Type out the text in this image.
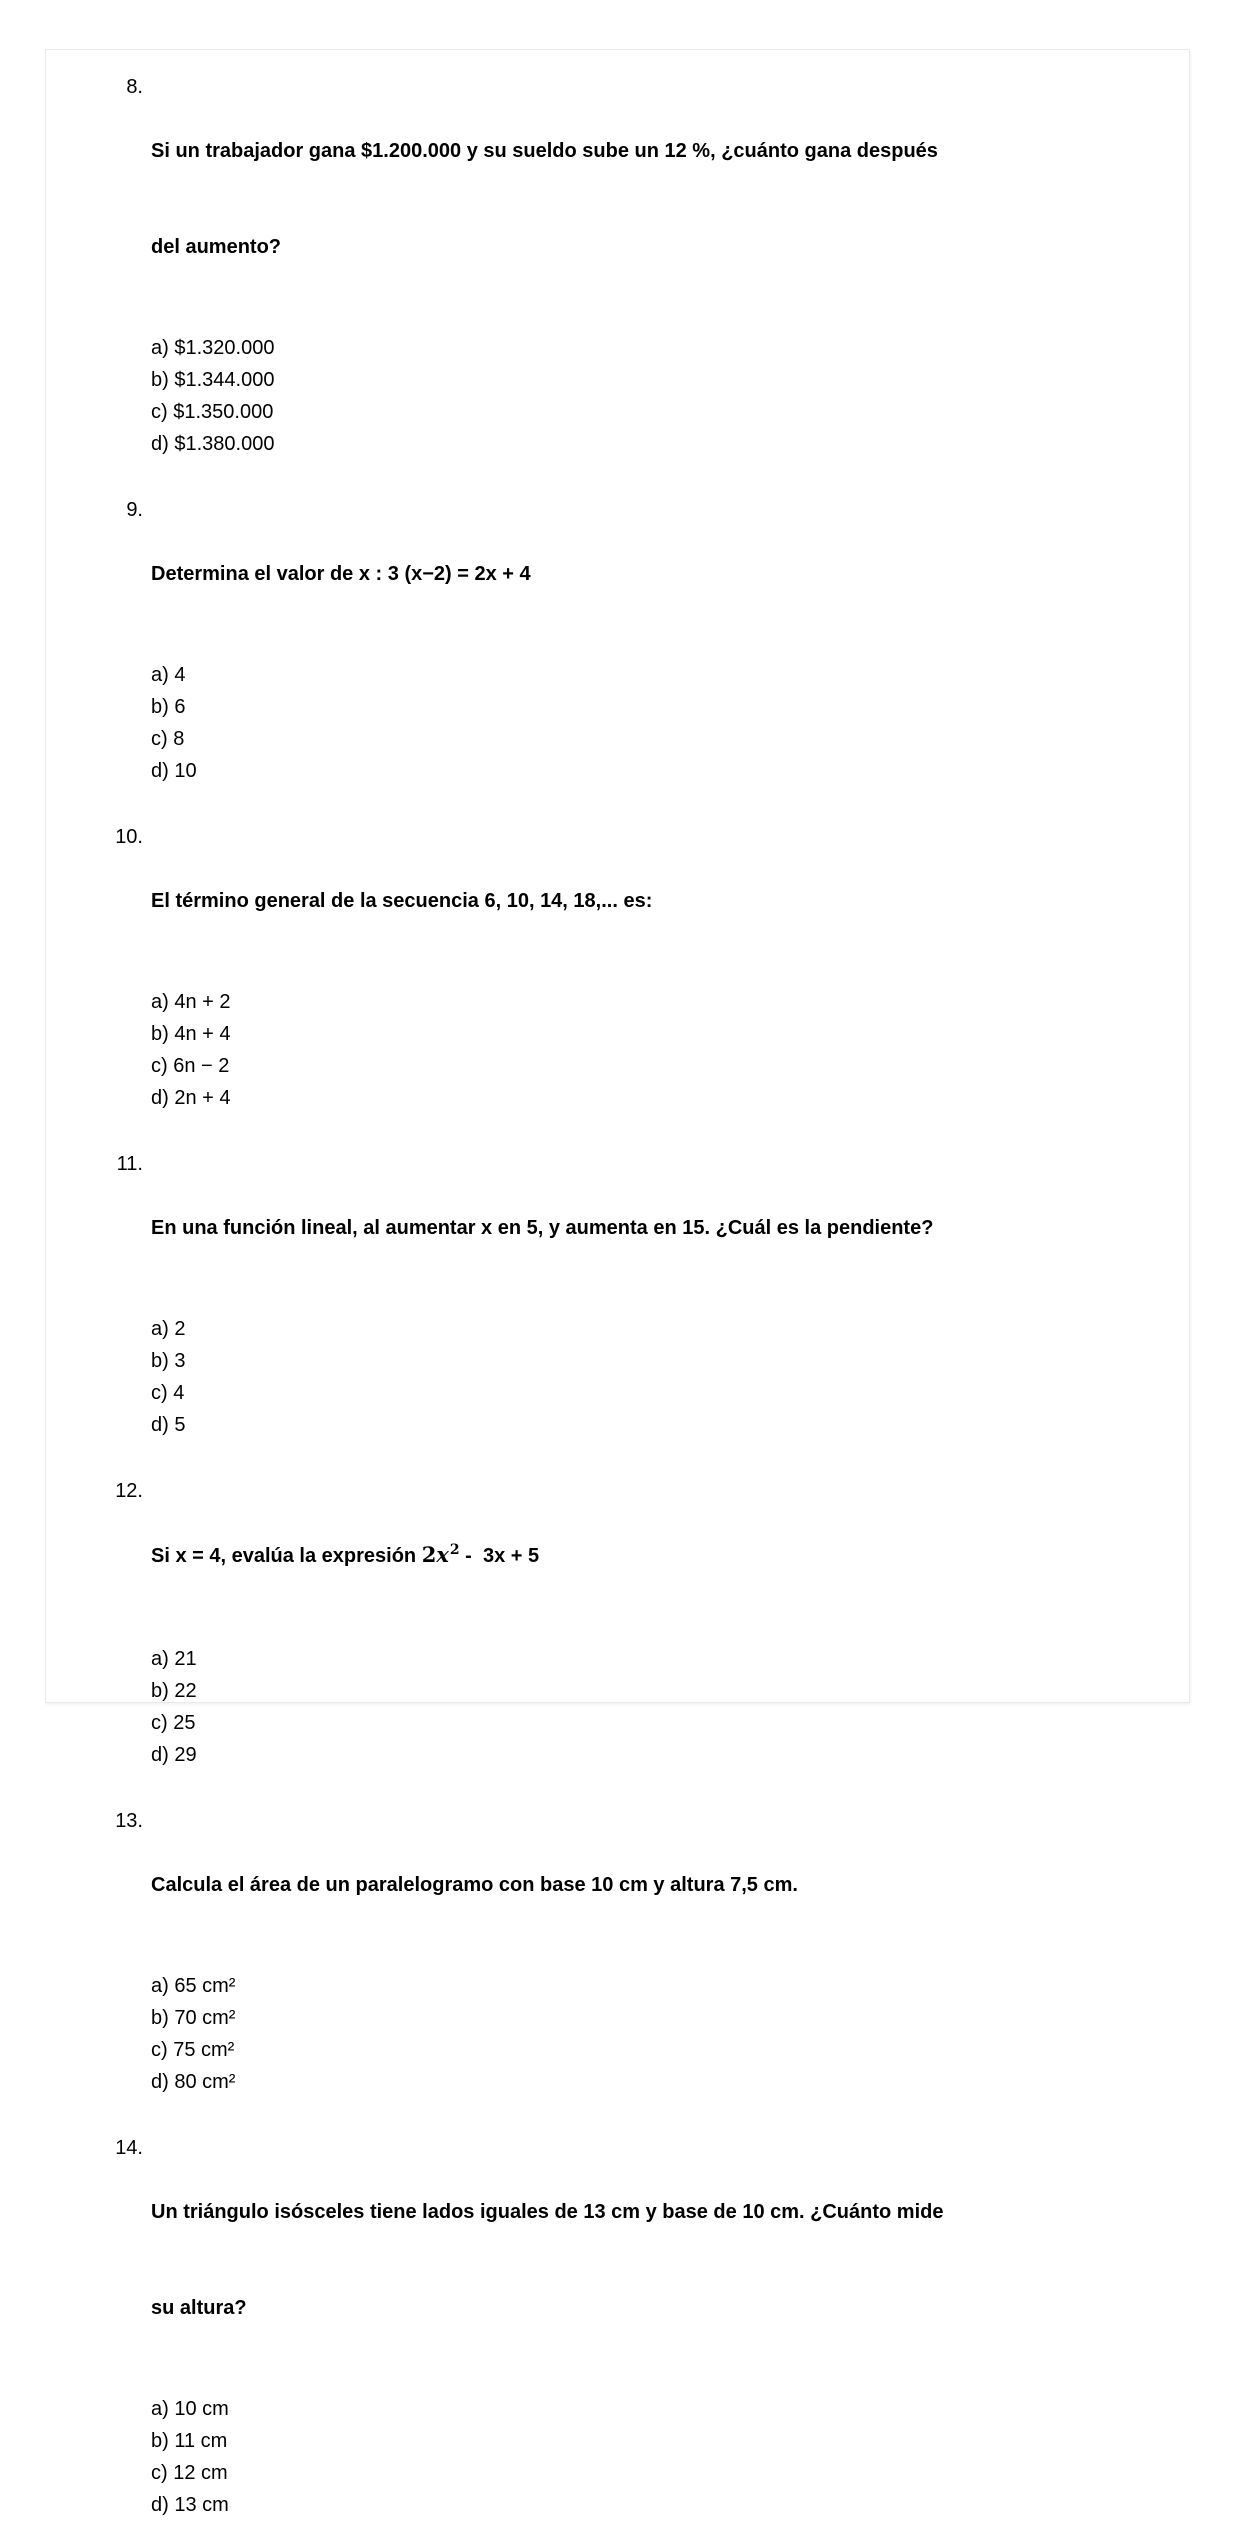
8.

Si un trabajador gana $1.200.000 y su sueldo sube un 12 %, ¿cuánto gana después

del aumento?

a) $1.320.000
b) $1.344.000
c) $1.350.000
d) $1.380.000
9.

Determina el valor de x : 3 (x−2) = 2x + 4

a) 4
b) 6
c) 8
d) 10
10.

El término general de la secuencia 6, 10, 14, 18,... es:

a) 4n + 2
b) 4n + 4
c) 6n − 2
d) 2n + 4
11.

En una función lineal, al aumentar x en 5, y aumenta en 15. ¿Cuál es la pendiente?

a) 2
b) 3
c) 4
d) 5
12.

Si x = 4, evalúa la expresión $2x^2 - 3x + 5$

a) 21
b) 22
c) 25
d) 29
13.

Calcula el área de un paralelogramo con base 10 cm y altura 7,5 cm.

a) 65 cm²
b) 70 cm²
c) 75 cm²
d) 80 cm²
14.

Un triángulo isósceles tiene lados iguales de 13 cm y base de 10 cm. ¿Cuánto mide

su altura?

a) 10 cm
b) 11 cm
c) 12 cm
d) 13 cm
